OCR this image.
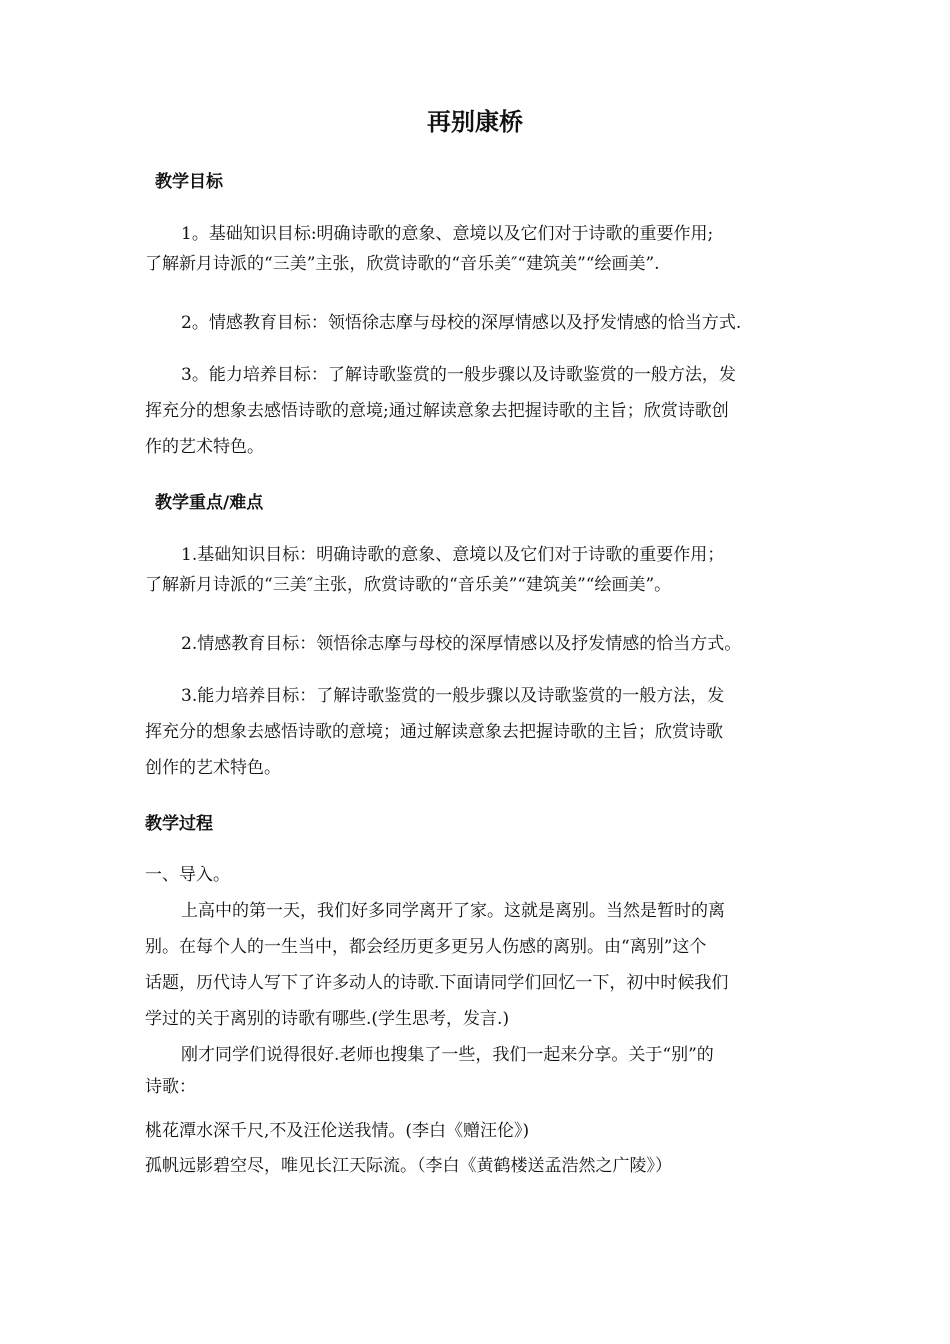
再别康桥
教学目标
1。基础知识目标:明确诗歌的意象、意境以及它们对于诗歌的重要作用;
了解新月诗派的“三美”主张，欣赏诗歌的“音乐美″“建筑美”“绘画美”.
2。情感教育目标：领悟徐志摩与母校的深厚情感以及抒发情感的恰当方式.
3。能力培养目标：了解诗歌鉴赏的一般步骤以及诗歌鉴赏的一般方法，发
挥充分的想象去感悟诗歌的意境;通过解读意象去把握诗歌的主旨；欣赏诗歌创
作的艺术特色。
教学重点/难点
1.基础知识目标：明确诗歌的意象、意境以及它们对于诗歌的重要作用；
了解新月诗派的“三美″主张，欣赏诗歌的“音乐美”“建筑美”“绘画美”。
2.情感教育目标：领悟徐志摩与母校的深厚情感以及抒发情感的恰当方式。
3.能力培养目标：了解诗歌鉴赏的一般步骤以及诗歌鉴赏的一般方法，发
挥充分的想象去感悟诗歌的意境；通过解读意象去把握诗歌的主旨；欣赏诗歌
创作的艺术特色。
教学过程
一、导入。
上高中的第一天，我们好多同学离开了家。这就是离别。当然是暂时的离
别。在每个人的一生当中，都会经历更多更另人伤感的离别。由“离别”这个
话题，历代诗人写下了许多动人的诗歌.下面请同学们回忆一下，初中时候我们
学过的关于离别的诗歌有哪些.(学生思考，发言.)
刚才同学们说得很好.老师也搜集了一些，我们一起来分享。关于“别”的
诗歌：
桃花潭水深千尺,不及汪伦送我情。(李白《赠汪伦》)
孤帆远影碧空尽，唯见长江天际流。（李白《黄鹤楼送孟浩然之广陵》）
